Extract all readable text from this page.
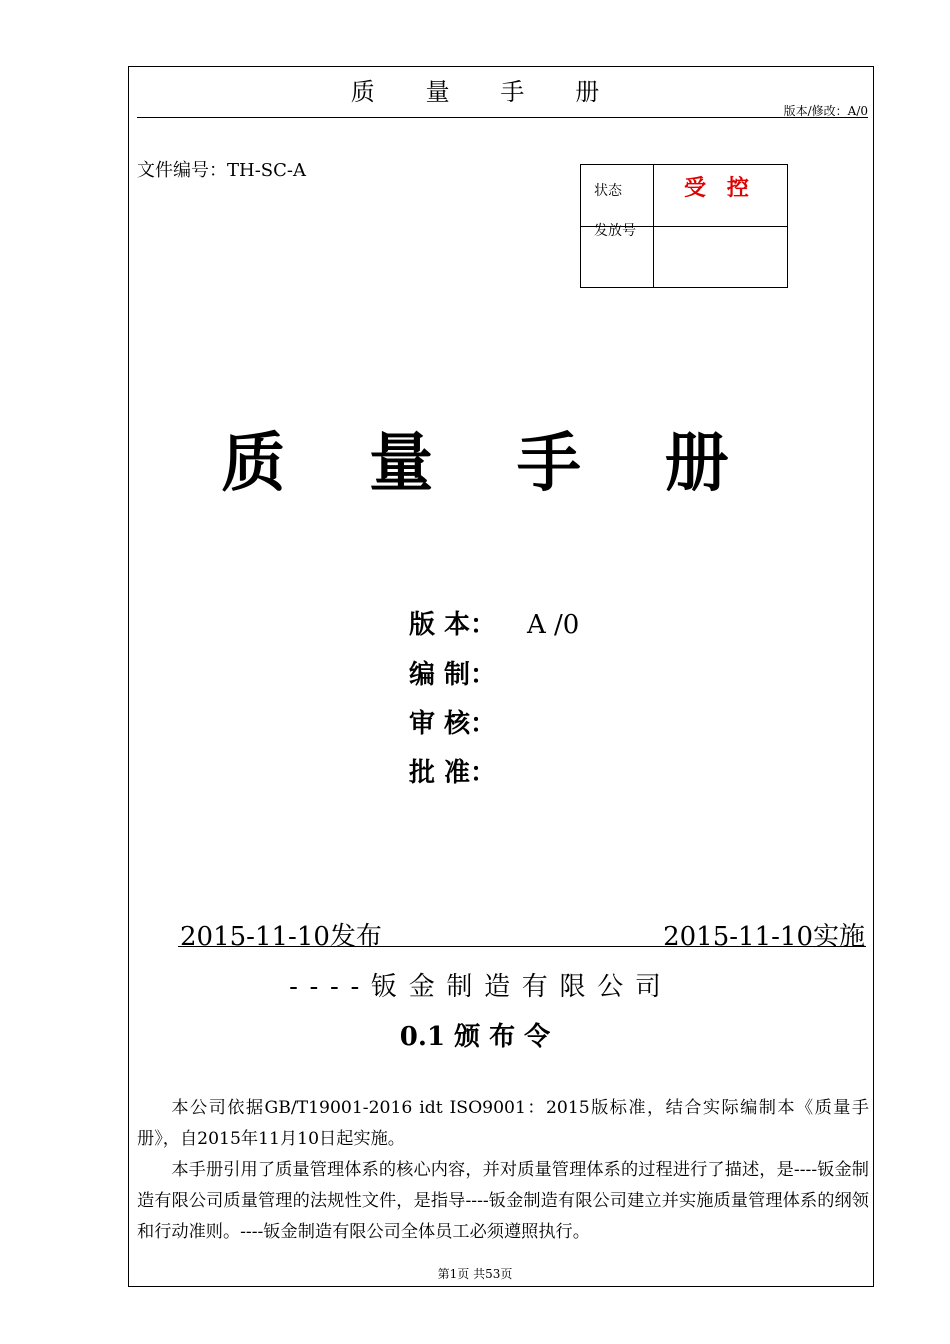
质 量 手 册
版本/修改：A/0
文件编号：TH-SC-A
状态
发放号
受 控
质 量 手 册
版 本： A /0
编 制：
审 核：
批 准：
2015-11-10发布	2015-11-10实施
----钣金制造有限公司
0.1 颁 布 令
本公司依据GB/T19001-2016 idt ISO9001：2015版标准，结合实际编制本《质量手册》，自2015年11月10日起实施。
本手册引用了质量管理体系的核心内容，并对质量管理体系的过程进行了描述，是----钣金制造有限公司质量管理的法规性文件，是指导----钣金制造有限公司建立并实施质量管理体系的纲领和行动准则。----钣金制造有限公司全体员工必须遵照执行。
第1页 共53页
